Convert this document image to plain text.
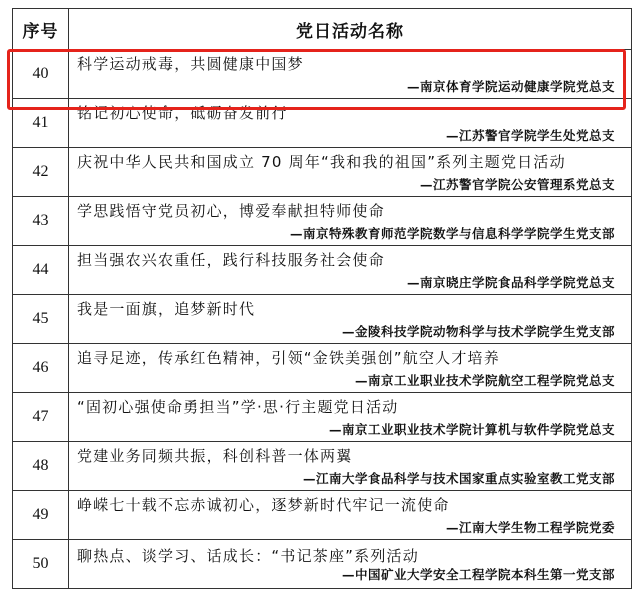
序号	党日活动名称
40	科学运动戒毒，共圆健康中国梦
—南京体育学院运动健康学院党总支

41	铭记初心使命，砥砺奋发前行
—江苏警官学院学生处党总支

42	庆祝中华人民共和国成立 70 周年“我和我的祖国”系列主题党日活动
—江苏警官学院公安管理系党总支

43	学思践悟守党员初心，博爱奉献担特师使命
—南京特殊教育师范学院数学与信息科学学院学生党支部

44	担当强农兴农重任，践行科技服务社会使命
—南京晓庄学院食品科学学院党总支

45	我是一面旗，追梦新时代
—金陵科技学院动物科学与技术学院学生党支部

46	追寻足迹，传承红色精神，引领“金铁美强创”航空人才培养
—南京工业职业技术学院航空工程学院党总支

47	“固初心强使命勇担当”学·思·行主题党日活动
—南京工业职业技术学院计算机与软件学院党总支

48	党建业务同频共振，科创科普一体两翼
—江南大学食品科学与技术国家重点实验室教工党支部

49	峥嵘七十载不忘赤诚初心，逐梦新时代牢记一流使命
—江南大学生物工程学院党委

50	聊热点、谈学习、话成长：“书记茶座”系列活动
—中国矿业大学安全工程学院本科生第一党支部
